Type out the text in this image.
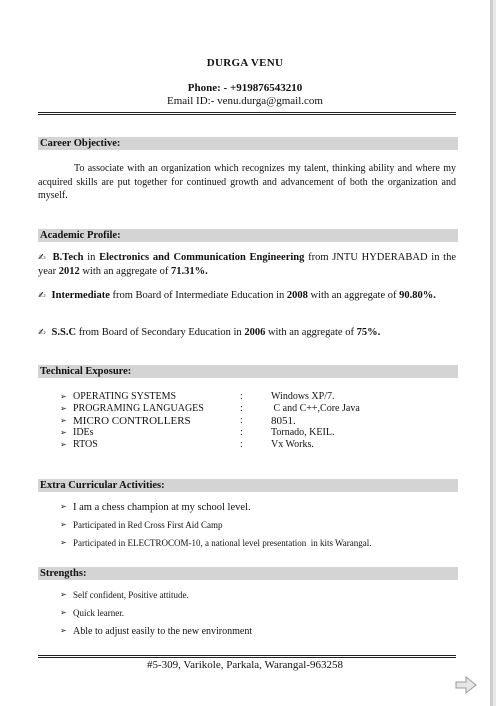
DURGA VENU
Phone: - +919876543210
Email ID:- venu.durga@gmail.com
Career Objective:
To associate with an organization which recognizes my talent, thinking ability and where my acquired skills are put together for continued growth and advancement of both the organization and myself.
Academic Profile:
✍ B.Tech in Electronics and Communication Engineering from JNTU HYDERABAD in the year 2012 with an aggregate of 71.31%.
✍ Intermediate from Board of Intermediate Education in 2008 with an aggregate of 90.80%.
✍ S.S.C from Board of Secondary Education in 2006 with an aggregate of 75%.
Technical Exposure:
➢ OPERATING SYSTEMS	:	Windows XP/7.
➢ PROGRAMING LANGUAGES	:	C and C++,Core Java
➢ MICRO CONTROLLERS	:	8051.
➢ IDEs	:	Tornado, KEIL.
➢ RTOS	:	Vx Works.
Extra Curricular Activities:
➢ I am a chess champion at my school level.
➢ Participated in Red Cross First Aid Camp
➢ Participated in ELECTROCOM-10, a national level presentation  in kits Warangal.
Strengths:
➢ Self confident, Positive attitude.
➢ Quick learner.
➢ Able to adjust easily to the new environment
#5-309, Varikole, Parkala, Warangal-963258
